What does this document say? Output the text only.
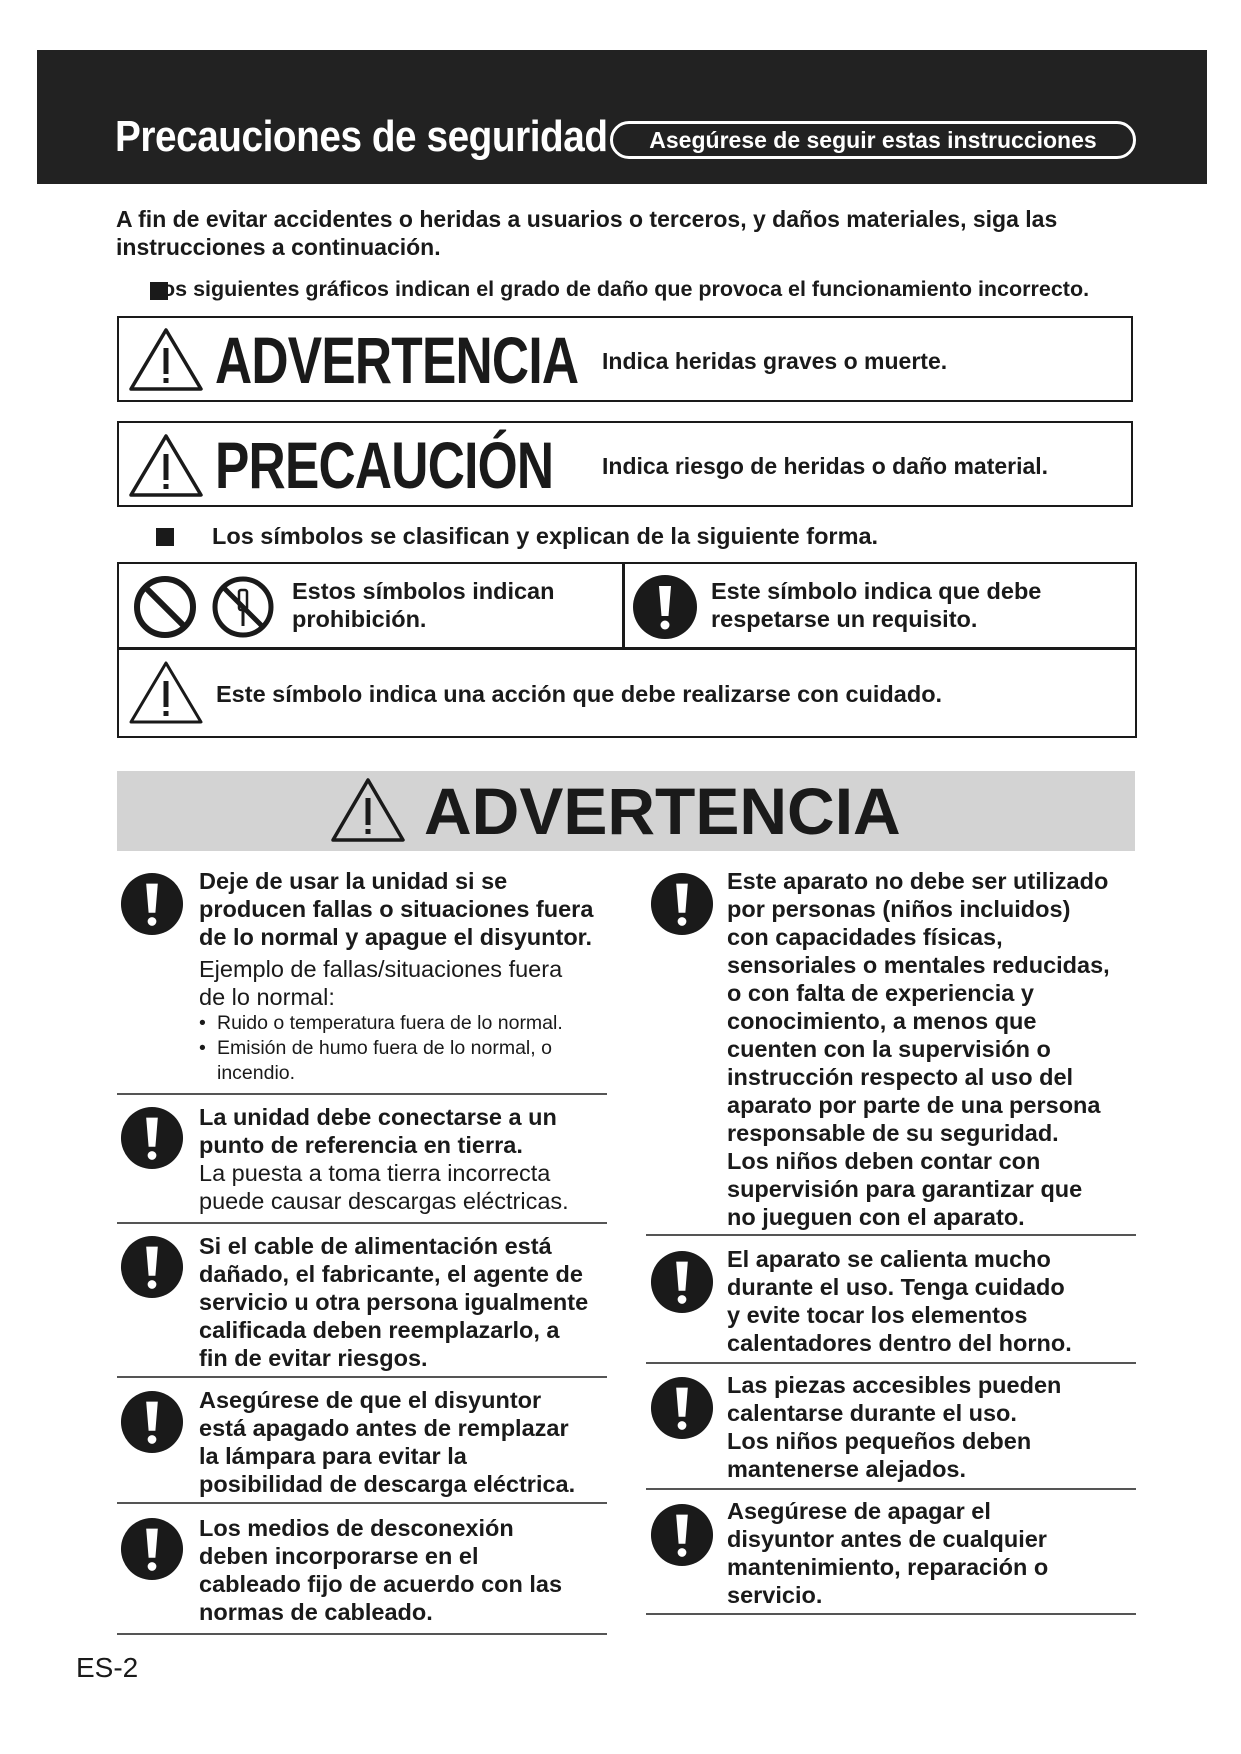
Precauciones de seguridad	Asegúrese de seguir estas instrucciones
A fin de evitar accidentes o heridas a usuarios o terceros, y daños materiales, siga las instrucciones a continuación.
os siguientes gráficos indican el grado de daño que provoca el funcionamiento incorrecto.
ADVERTENCIA Indica heridas graves o muerte.
PRECAUCIÓN Indica riesgo de heridas o daño material.
Los símbolos se clasifican y explican de la siguiente forma.
Estos símbolos indican
prohibición.
Este símbolo indica que debe
respetarse un requisito.
Este símbolo indica una acción que debe realizarse con cuidado.
ADVERTENCIA
Deje de usar la unidad si se
producen fallas o situaciones fuera
de lo normal y apague el disyuntor.
Ejemplo de fallas/situaciones fuera
de lo normal:
• Ruido o temperatura fuera de lo normal.
• Emisión de humo fuera de lo normal, o incendio.
La unidad debe conectarse a un
punto de referencia en tierra.
La puesta a toma tierra incorrecta
puede causar descargas eléctricas.
Si el cable de alimentación está
dañado, el fabricante, el agente de
servicio u otra persona igualmente
calificada deben reemplazarlo, a
fin de evitar riesgos.
Asegúrese de que el disyuntor
está apagado antes de remplazar
la lámpara para evitar la
posibilidad de descarga eléctrica.
Los medios de desconexión
deben incorporarse en el
cableado fijo de acuerdo con las
normas de cableado.
Este aparato no debe ser utilizado
por personas (niños incluidos)
con capacidades físicas,
sensoriales o mentales reducidas,
o con falta de experiencia y
conocimiento, a menos que
cuenten con la supervisión o
instrucción respecto al uso del
aparato por parte de una persona
responsable de su seguridad.
Los niños deben contar con
supervisión para garantizar que
no jueguen con el aparato.
El aparato se calienta mucho
durante el uso. Tenga cuidado
y evite tocar los elementos
calentadores dentro del horno.
Las piezas accesibles pueden
calentarse durante el uso.
Los niños pequeños deben
mantenerse alejados.
Asegúrese de apagar el
disyuntor antes de cualquier
mantenimiento, reparación o
servicio.
ES-2
